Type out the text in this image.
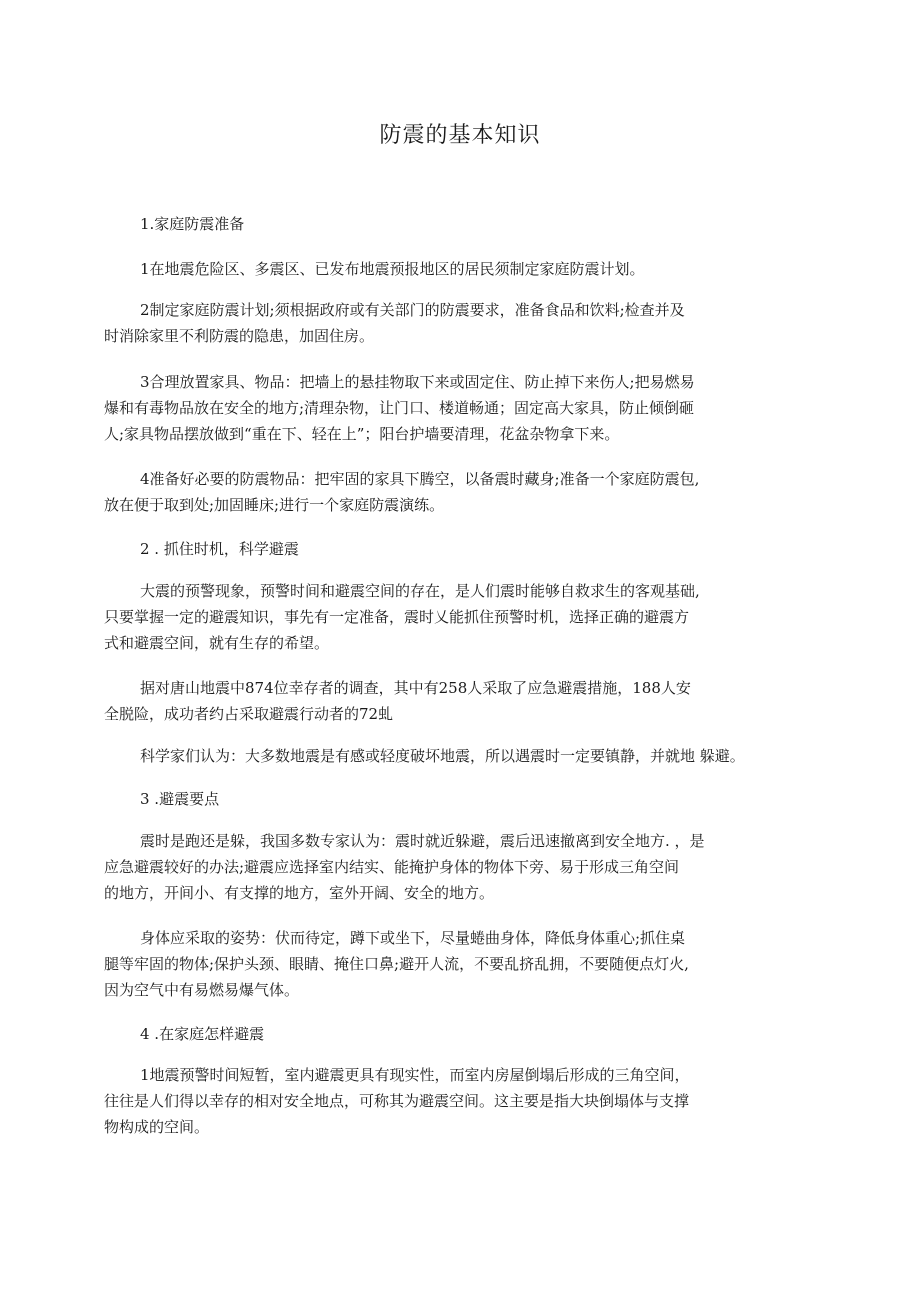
防震的基本知识
1.家庭防震准备
1在地震危险区、多震区、已发布地震预报地区的居民须制定家庭防震计划。
2制定家庭防震计划;须根据政府或有关部门的防震要求，准备食品和饮料;检查并及
时消除家里不利防震的隐患，加固住房。
3合理放置家具、物品：把墙上的悬挂物取下来或固定住、防止掉下来伤人;把易燃易
爆和有毒物品放在安全的地方;清理杂物，让门口、楼道畅通；固定高大家具，防止倾倒砸
人;家具物品摆放做到“重在下、轻在上”；阳台护墙要清理，花盆杂物拿下来。
4准备好必要的防震物品：把牢固的家具下腾空，以备震时藏身;准备一个家庭防震包,
放在便于取到处;加固睡床;进行一个家庭防震演练。
2 . 抓住时机，科学避震
大震的预警现象，预警时间和避震空间的存在，是人们震时能够自救求生的客观基础,
只要掌握一定的避震知识，事先有一定准备，震时乂能抓住预警时机，选择正确的避震方
式和避震空间，就有生存的希望。
据对唐山地震中874位幸存者的调查，其中有258人采取了应急避震措施，188人安
全脱险，成功者约占采取避震行动者的72虬
科学家们认为：大多数地震是有感或轻度破坏地震，所以遇震时一定要镇静，并就地 躲避。
3 .避震要点
震时是跑还是躲，我国多数专家认为：震时就近躲避，震后迅速撤离到安全地方. ，是
应急避震较好的办法;避震应选择室内结实、能掩护身体的物体下旁、易于形成三角空间
的地方，开间小、有支撑的地方，室外开阔、安全的地方。
身体应采取的姿势：伏而待定，蹲下或坐下，尽量蜷曲身体，降低身体重心;抓住桌
腿等牢固的物体;保护头颈、眼睛、掩住口鼻;避开人流，不要乱挤乱拥，不要随便点灯火,
因为空气中有易燃易爆气体。
4 .在家庭怎样避震
1地震预警时间短暂，室内避震更具有现实性，而室内房屋倒塌后形成的三角空间，
往往是人们得以幸存的相对安全地点，可称其为避震空间。这主要是指大块倒塌体与支撑
物构成的空间。
